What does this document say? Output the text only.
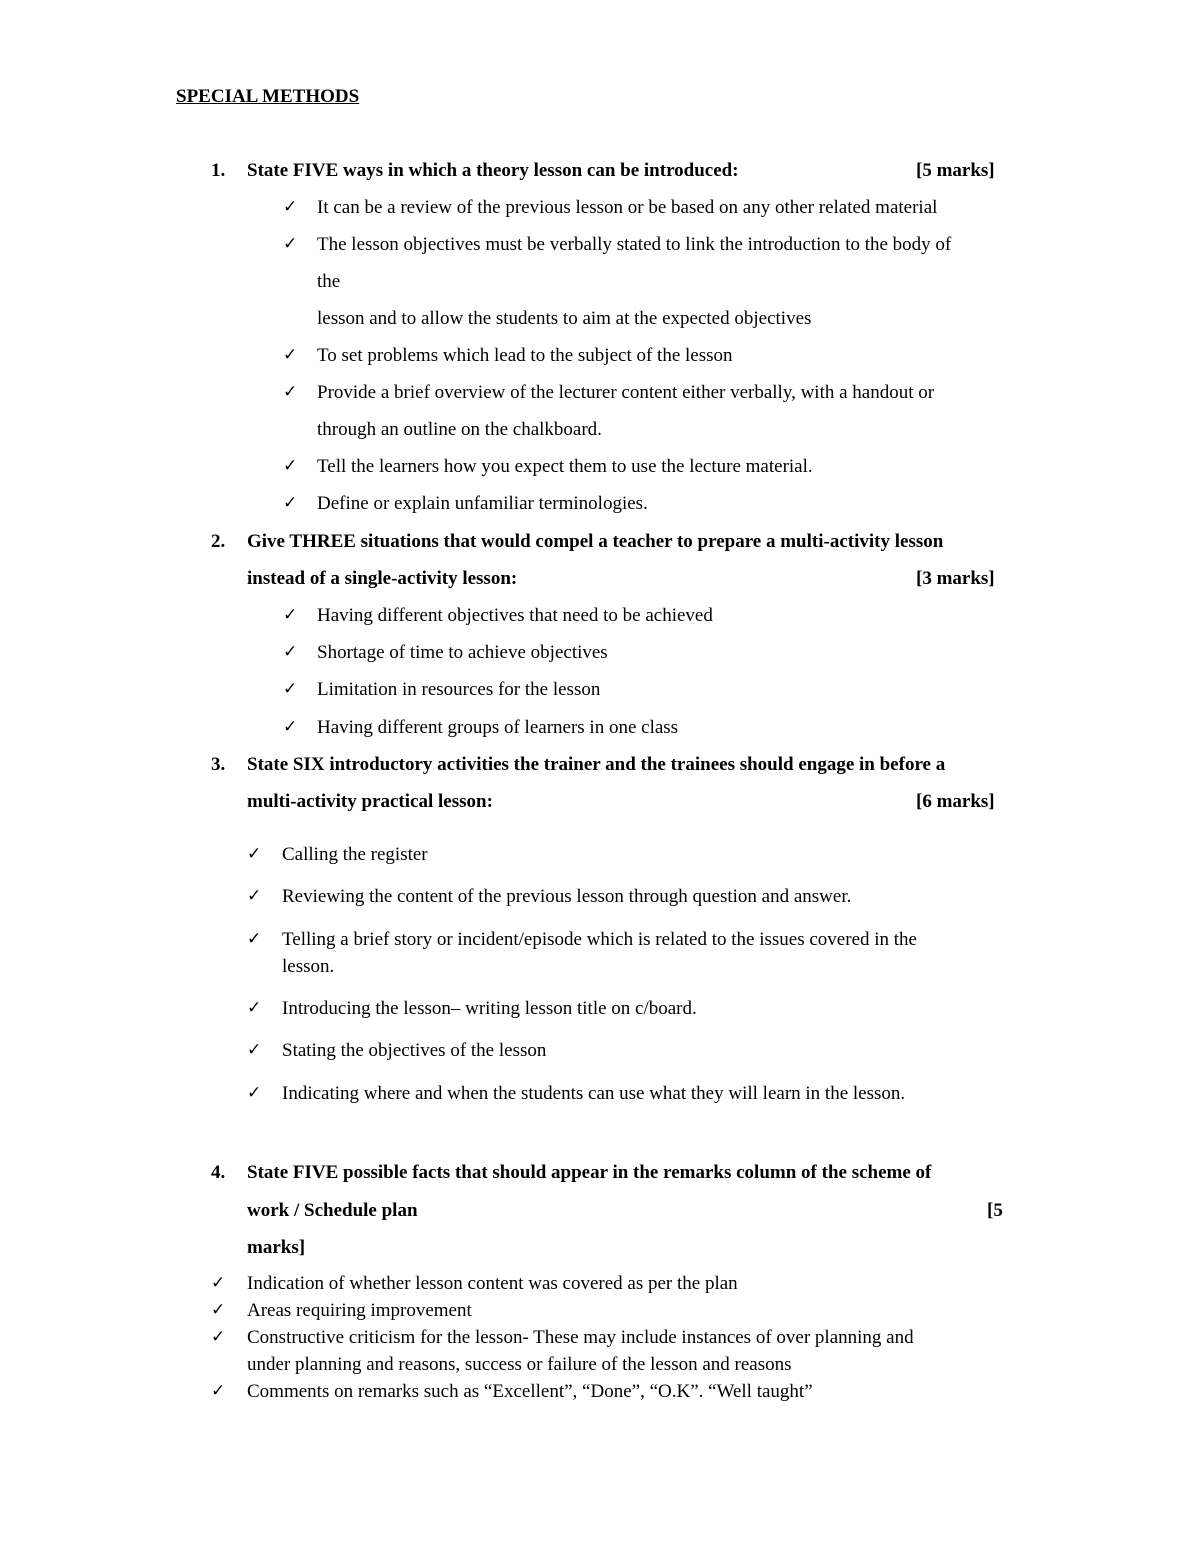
SPECIAL METHODS
1. State FIVE ways in which a theory lesson can be introduced:	[5 marks]
✓ It can be a review of the previous lesson or be based on any other related material
✓ The lesson objectives must be verbally stated to link the introduction to the body of
the
lesson and to allow the students to aim at the expected objectives
✓ To set problems which lead to the subject of the lesson
✓ Provide a brief overview of the lecturer content either verbally, with a handout or
through an outline on the chalkboard.
✓ Tell the learners how you expect them to use the lecture material.
✓ Define or explain unfamiliar terminologies.
2. Give THREE situations that would compel a teacher to prepare a multi-activity lesson
instead of a single-activity lesson:	[3 marks]
✓ Having different objectives that need to be achieved
✓ Shortage of time to achieve objectives
✓ Limitation in resources for the lesson
✓ Having different groups of learners in one class
3. State SIX introductory activities the trainer and the trainees should engage in before a
multi-activity practical lesson:	[6 marks]
✓ Calling the register
✓ Reviewing the content of the previous lesson through question and answer.
✓ Telling a brief story or incident/episode which is related to the issues covered in the
lesson.
✓ Introducing the lesson– writing lesson title on c/board.
✓ Stating the objectives of the lesson
✓ Indicating where and when the students can use what they will learn in the lesson.
4. State FIVE possible facts that should appear in the remarks column of the scheme of
work / Schedule plan	[5
marks]
✓ Indication of whether lesson content was covered as per the plan
✓ Areas requiring improvement
✓ Constructive criticism for the lesson- These may include instances of over planning and
under planning and reasons, success or failure of the lesson and reasons
✓ Comments on remarks such as “Excellent”, “Done”, “O.K”. “Well taught”
